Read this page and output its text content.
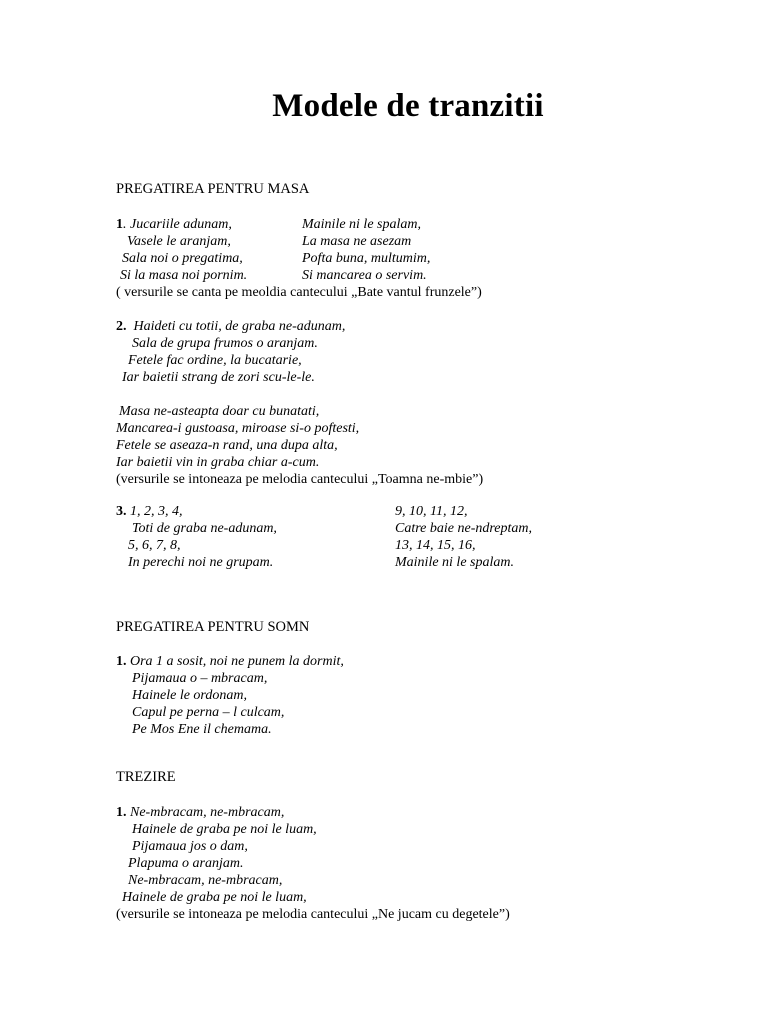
Modele de tranzitii
PREGATIREA PENTRU MASA
1. Jucariile adunam,
Vasele le aranjam,
Sala noi o pregatima,
Si la masa noi pornim.
Mainile ni le spalam,
La masa ne asezam
Pofta buna, multumim,
Si mancarea o servim.
( versurile se canta pe meoldia cantecului „Bate vantul frunzele”)
2. Haideti cu totii, de graba ne-adunam,
Sala de grupa frumos o aranjam.
Fetele fac ordine, la bucatarie,
Iar baietii strang de zori scu-le-le.
Masa ne-asteapta doar cu bunatati,
Mancarea-i gustoasa, miroase si-o poftesti,
Fetele se aseaza-n rand, una dupa alta,
Iar baietii vin in graba chiar a-cum.
(versurile se intoneaza pe melodia cantecului „Toamna ne-mbie”)
3. 1, 2, 3, 4,
Toti de graba ne-adunam,
5, 6, 7, 8,
In perechi noi ne grupam.
9, 10, 11, 12,
Catre baie ne-ndreptam,
13, 14, 15, 16,
Mainile ni le spalam.
PREGATIREA PENTRU SOMN
1. Ora 1 a sosit, noi ne punem la dormit,
Pijamaua o – mbracam,
Hainele le ordonam,
Capul pe perna – l culcam,
Pe Mos Ene il chemama.
TREZIRE
1. Ne-mbracam, ne-mbracam,
Hainele de graba pe noi le luam,
Pijamaua jos o dam,
Plapuma o aranjam.
Ne-mbracam, ne-mbracam,
Hainele de graba pe noi le luam,
(versurile se intoneaza pe melodia cantecului „Ne jucam cu degetele”)
